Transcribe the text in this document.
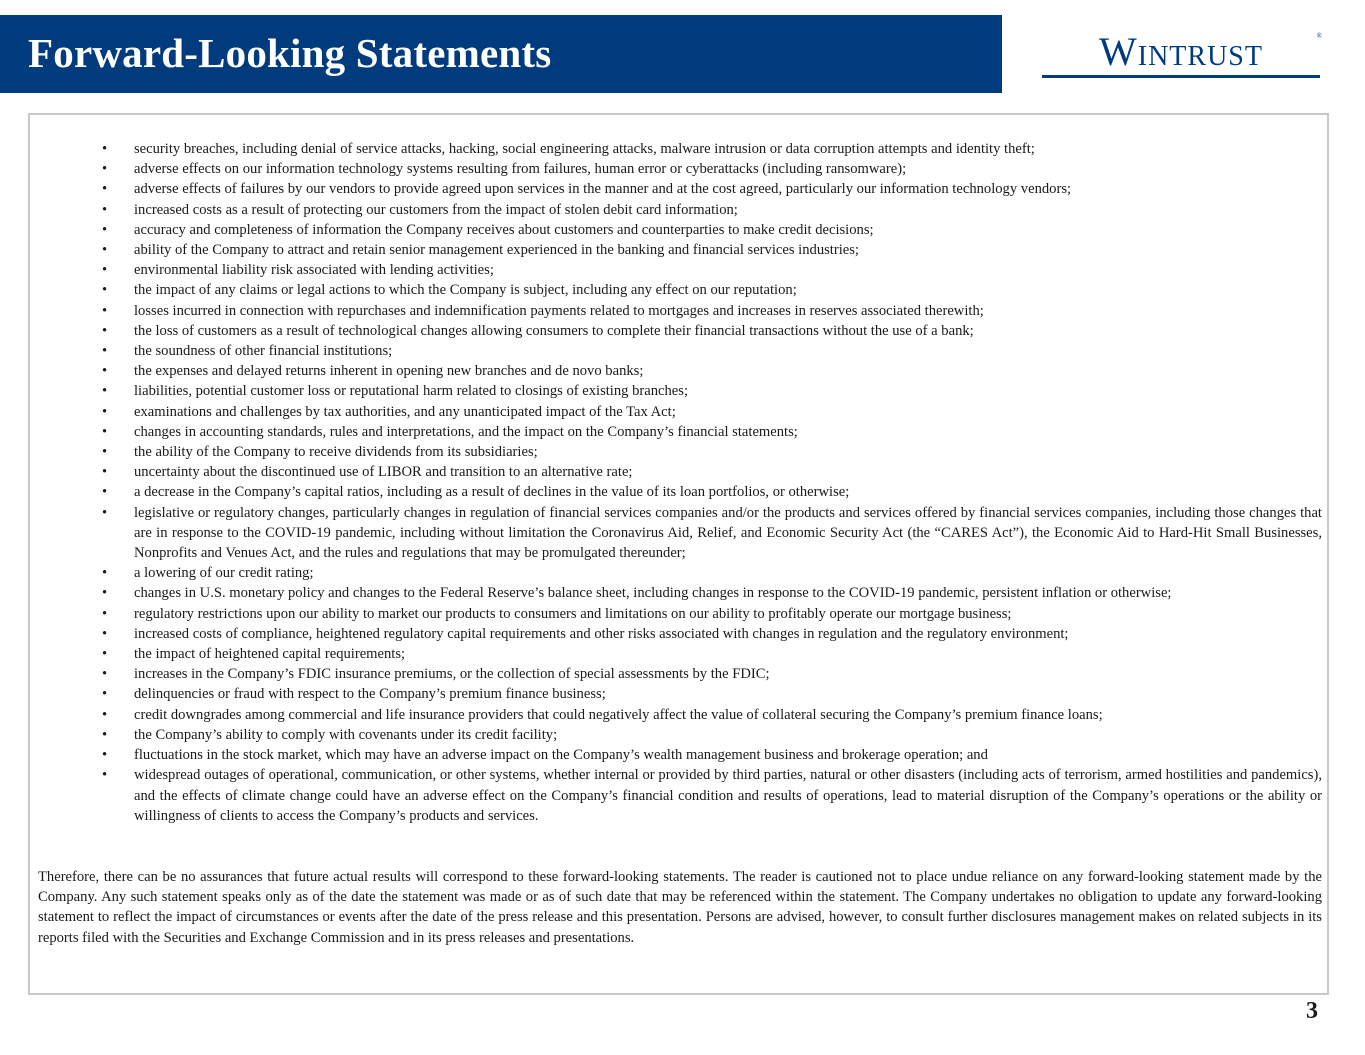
Forward-Looking Statements	Wintrust	®
• security breaches, including denial of service attacks, hacking, social engineering attacks, malware intrusion or data corruption attempts and identity theft;
• adverse effects on our information technology systems resulting from failures, human error or cyberattacks (including ransomware);
• adverse effects of failures by our vendors to provide agreed upon services in the manner and at the cost agreed, particularly our information technology vendors;
• increased costs as a result of protecting our customers from the impact of stolen debit card information;
• accuracy and completeness of information the Company receives about customers and counterparties to make credit decisions;
• ability of the Company to attract and retain senior management experienced in the banking and financial services industries;
• environmental liability risk associated with lending activities;
• the impact of any claims or legal actions to which the Company is subject, including any effect on our reputation;
• losses incurred in connection with repurchases and indemnification payments related to mortgages and increases in reserves associated therewith;
• the loss of customers as a result of technological changes allowing consumers to complete their financial transactions without the use of a bank;
• the soundness of other financial institutions;
• the expenses and delayed returns inherent in opening new branches and de novo banks;
• liabilities, potential customer loss or reputational harm related to closings of existing branches;
• examinations and challenges by tax authorities, and any unanticipated impact of the Tax Act;
• changes in accounting standards, rules and interpretations, and the impact on the Company’s financial statements;
• the ability of the Company to receive dividends from its subsidiaries;
• uncertainty about the discontinued use of LIBOR and transition to an alternative rate;
• a decrease in the Company’s capital ratios, including as a result of declines in the value of its loan portfolios, or otherwise;
• legislative or regulatory changes, particularly changes in regulation of financial services companies and/or the products and services offered by financial services companies, including those changes that are in response to the COVID-19 pandemic, including without limitation the Coronavirus Aid, Relief, and Economic Security Act (the “CARES Act”), the Economic Aid to Hard-Hit Small Businesses, Nonprofits and Venues Act, and the rules and regulations that may be promulgated thereunder;
• a lowering of our credit rating;
• changes in U.S. monetary policy and changes to the Federal Reserve’s balance sheet, including changes in response to the COVID-19 pandemic, persistent inflation or otherwise;
• regulatory restrictions upon our ability to market our products to consumers and limitations on our ability to profitably operate our mortgage business;
• increased costs of compliance, heightened regulatory capital requirements and other risks associated with changes in regulation and the regulatory environment;
• the impact of heightened capital requirements;
• increases in the Company’s FDIC insurance premiums, or the collection of special assessments by the FDIC;
• delinquencies or fraud with respect to the Company’s premium finance business;
• credit downgrades among commercial and life insurance providers that could negatively affect the value of collateral securing the Company’s premium finance loans;
• the Company’s ability to comply with covenants under its credit facility;
• fluctuations in the stock market, which may have an adverse impact on the Company’s wealth management business and brokerage operation; and
• widespread outages of operational, communication, or other systems, whether internal or provided by third parties, natural or other disasters (including acts of terrorism, armed hostilities and pandemics), and the effects of climate change could have an adverse effect on the Company’s financial condition and results of operations, lead to material disruption of the Company’s operations or the ability or willingness of clients to access the Company’s products and services.

Therefore, there can be no assurances that future actual results will correspond to these forward-looking statements. The reader is cautioned not to place undue reliance on any forward-looking statement made by the Company. Any such statement speaks only as of the date the statement was made or as of such date that may be referenced within the statement. The Company undertakes no obligation to update any forward-looking statement to reflect the impact of circumstances or events after the date of the press release and this presentation. Persons are advised, however, to consult further disclosures management makes on related subjects in its reports filed with the Securities and Exchange Commission and in its press releases and presentations.

3
